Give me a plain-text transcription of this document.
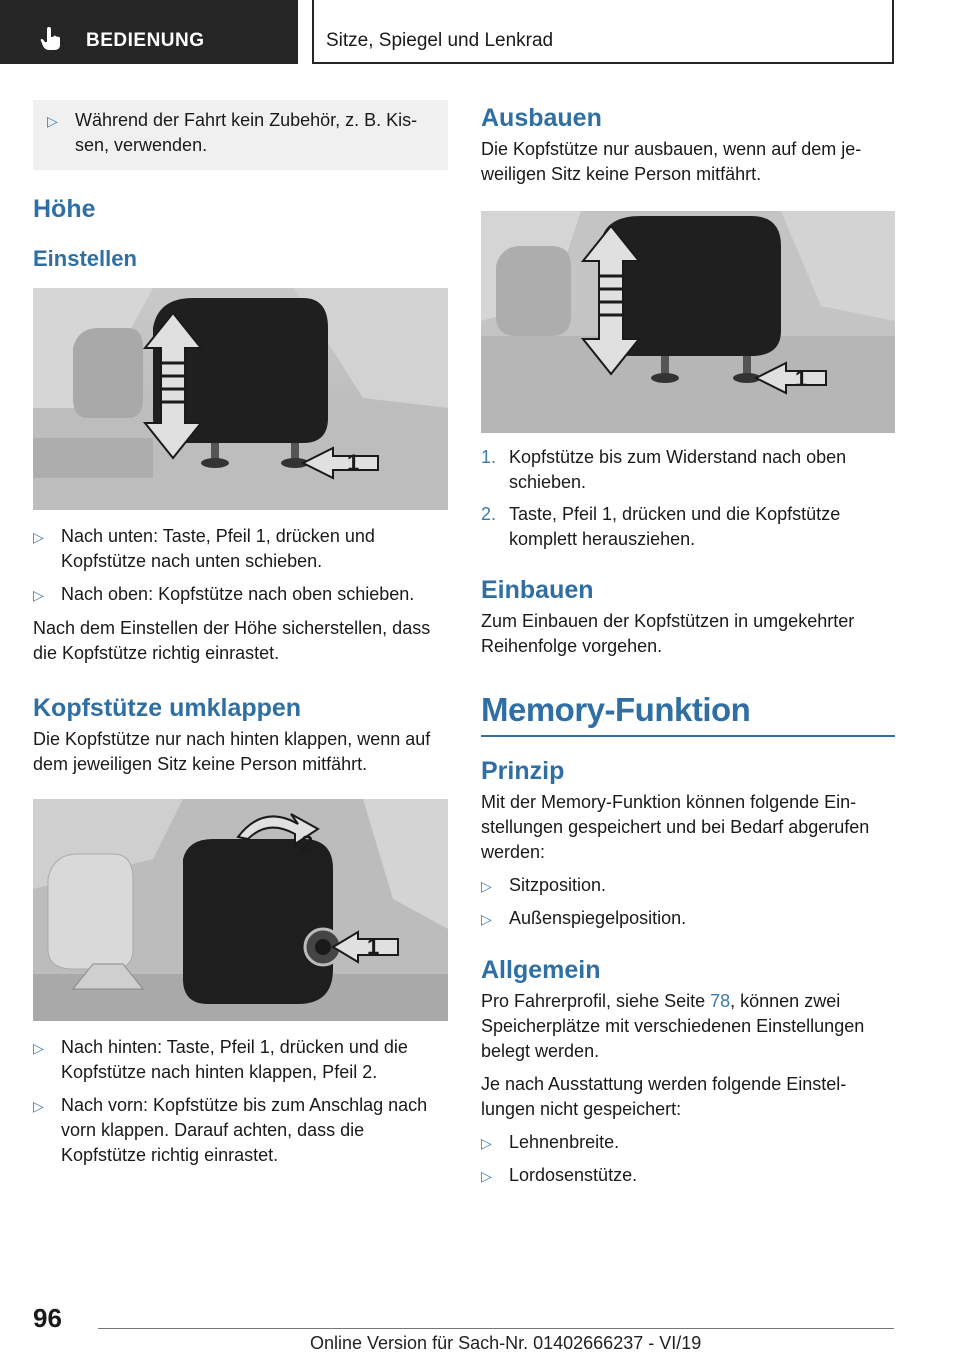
BEDIENUNG	Sitze, Spiegel und Lenkrad
▷ Während der Fahrt kein Zubehör, z. B. Kis‐ sen, verwenden.
Höhe
Einstellen
1
▷ Nach unten: Taste, Pfeil 1, drücken und Kopfstütze nach unten schieben.
▷ Nach oben: Kopfstütze nach oben schieben.

Nach dem Einstellen der Höhe sicherstellen, dass die Kopfstütze richtig einrastet.

Kopfstütze umklappen

Die Kopfstütze nur nach hinten klappen, wenn auf dem jeweiligen Sitz keine Person mitfährt.

2
1
▷ Nach hinten: Taste, Pfeil 1, drücken und die Kopfstütze nach hinten klappen, Pfeil 2.
▷ Nach vorn: Kopfstütze bis zum Anschlag nach vorn klappen. Darauf achten, dass die Kopfstütze richtig einrastet.
Ausbauen

Die Kopfstütze nur ausbauen, wenn auf dem je‐ weiligen Sitz keine Person mitfährt.

1
1. Kopfstütze bis zum Widerstand nach oben schieben.
2. Taste, Pfeil 1, drücken und die Kopfstütze komplett herausziehen.
Einbauen

Zum Einbauen der Kopfstützen in umgekehrter Reihenfolge vorgehen.

Memory-Funktion
Prinzip

Mit der Memory-Funktion können folgende Ein‐ stellungen gespeichert und bei Bedarf abgerufen werden:

▷ Sitzposition.
▷ Außenspiegelposition.
Allgemein

Pro Fahrerprofil, siehe Seite 78, können zwei Speicherplätze mit verschiedenen Einstellungen belegt werden.

Je nach Ausstattung werden folgende Einstel‐ lungen nicht gespeichert:

▷ Lehnenbreite.
▷ Lordosenstütze.
96
Online Version für Sach-Nr. 01402666237 - VI/19
